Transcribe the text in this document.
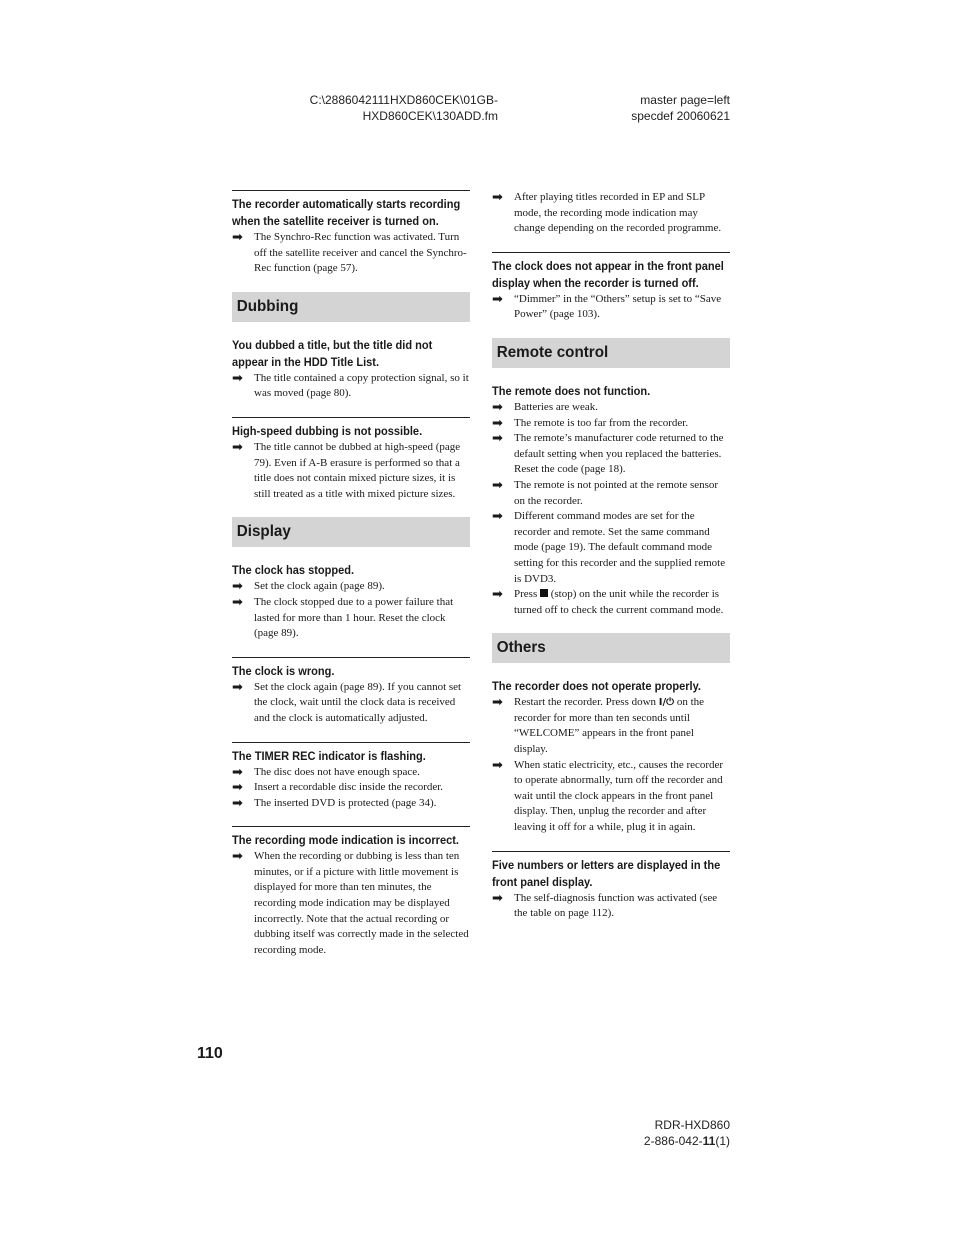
C:\2886042111HXD860CEK\01GB-
HXD860CEK\130ADD.fm
master page=left
specdef 20060621
The recorder automatically starts recording when the satellite receiver is turned on.
➡ The Synchro-Rec function was activated. Turn off the satellite receiver and cancel the Synchro-Rec function (page 57).
Dubbing
You dubbed a title, but the title did not appear in the HDD Title List.
➡ The title contained a copy protection signal, so it was moved (page 80).
High-speed dubbing is not possible.
➡ The title cannot be dubbed at high-speed (page 79). Even if A-B erasure is performed so that a title does not contain mixed picture sizes, it is still treated as a title with mixed picture sizes.
Display
The clock has stopped.
➡ Set the clock again (page 89).
➡ The clock stopped due to a power failure that lasted for more than 1 hour. Reset the clock (page 89).
The clock is wrong.
➡ Set the clock again (page 89). If you cannot set the clock, wait until the clock data is received and the clock is automatically adjusted.
The TIMER REC indicator is flashing.
➡ The disc does not have enough space.
➡ Insert a recordable disc inside the recorder.
➡ The inserted DVD is protected (page 34).
The recording mode indication is incorrect.
➡ When the recording or dubbing is less than ten minutes, or if a picture with little movement is displayed for more than ten minutes, the recording mode indication may be displayed incorrectly. Note that the actual recording or dubbing itself was correctly made in the selected recording mode.
➡ After playing titles recorded in EP and SLP mode, the recording mode indication may change depending on the recorded programme.
The clock does not appear in the front panel display when the recorder is turned off.
➡ “Dimmer” in the “Others” setup is set to “Save Power” (page 103).
Remote control
The remote does not function.
➡ Batteries are weak.
➡ The remote is too far from the recorder.
➡ The remote’s manufacturer code returned to the default setting when you replaced the batteries. Reset the code (page 18).
➡ The remote is not pointed at the remote sensor on the recorder.
➡ Different command modes are set for the recorder and remote. Set the same command mode (page 19). The default command mode setting for this recorder and the supplied remote is DVD3.
➡ Press (stop) on the unit while the recorder is turned off to check the current command mode.
Others
The recorder does not operate properly.
➡ Restart the recorder. Press down I/⏻ on the recorder for more than ten seconds until “WELCOME” appears in the front panel display.
➡ When static electricity, etc., causes the recorder to operate abnormally, turn off the recorder and wait until the clock appears in the front panel display. Then, unplug the recorder and after leaving it off for a while, plug it in again.
Five numbers or letters are displayed in the front panel display.
➡ The self-diagnosis function was activated (see the table on page 112).
110
RDR-HXD860
2-886-042-11(1)
